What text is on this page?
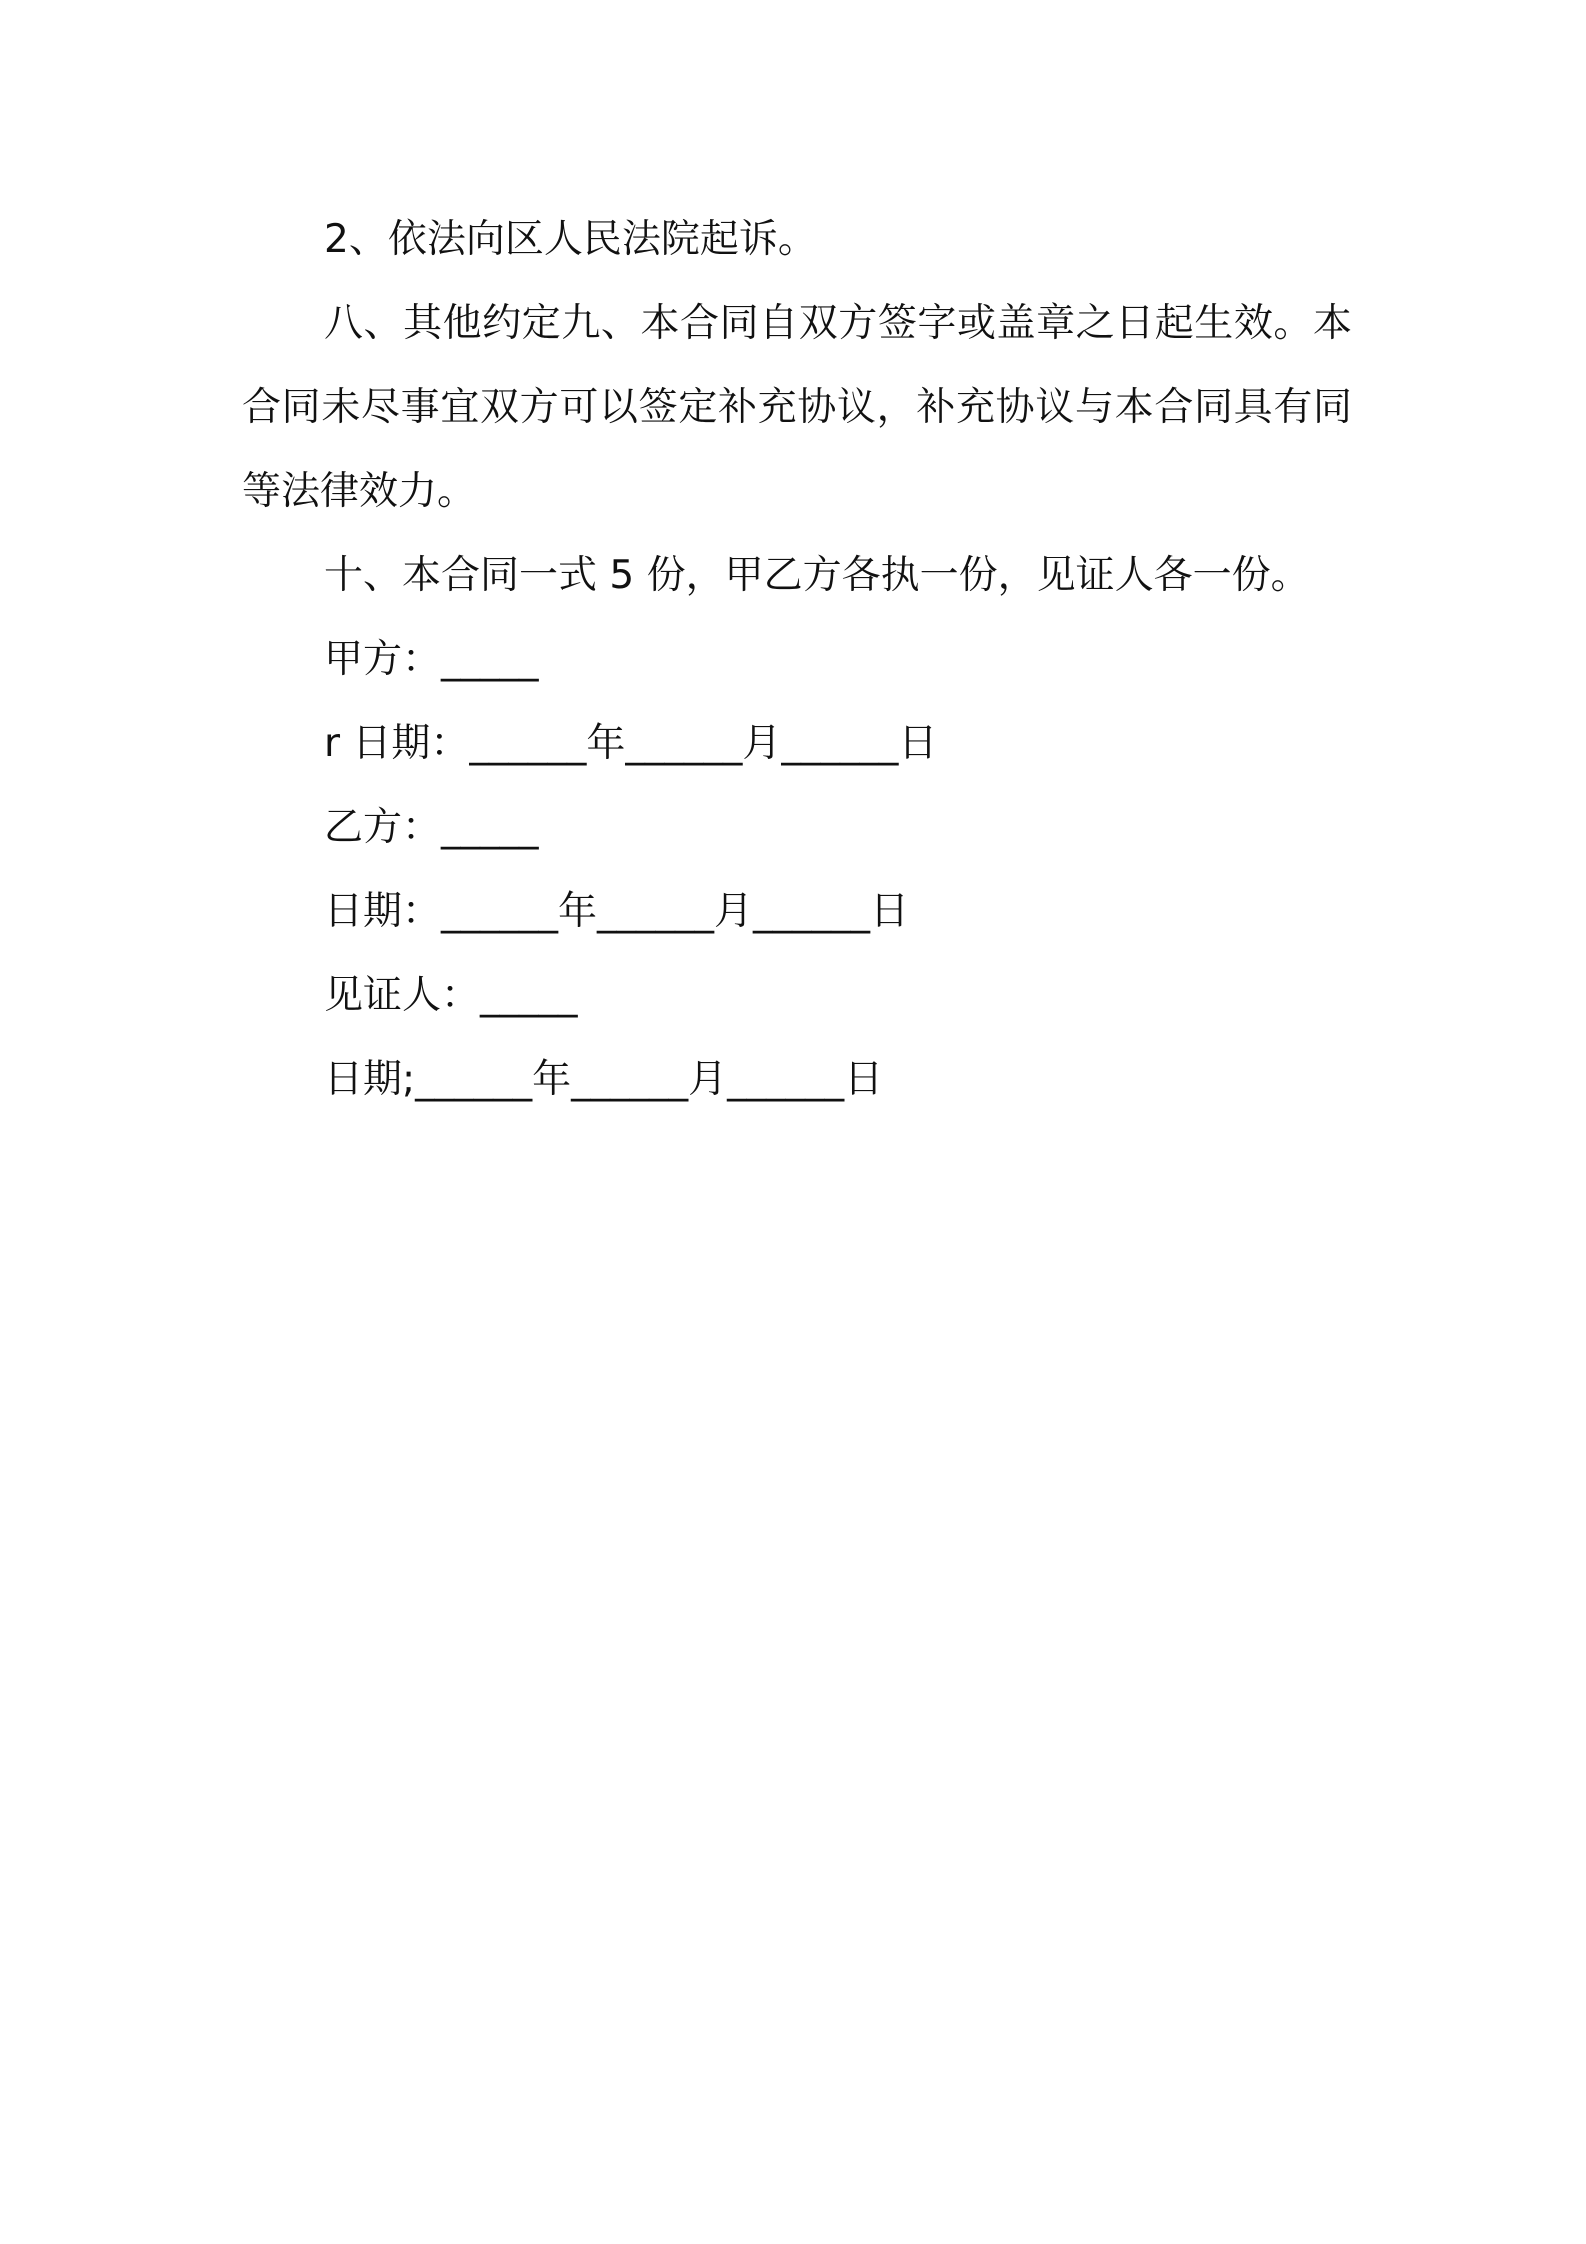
2、依法向区人民法院起诉。

八、其他约定九、本合同自双方签字或盖章之日起生效。本合同未尽事宜双方可以签定补充协议，补充协议与本合同具有同等法律效力。

十、本合同一式 5 份，甲乙方各执一份，见证人各一份。

甲方：_____
r 日期：______年______月______日
乙方：_____
日期：______年______月______日
见证人：_____
日期;______年______月______日
